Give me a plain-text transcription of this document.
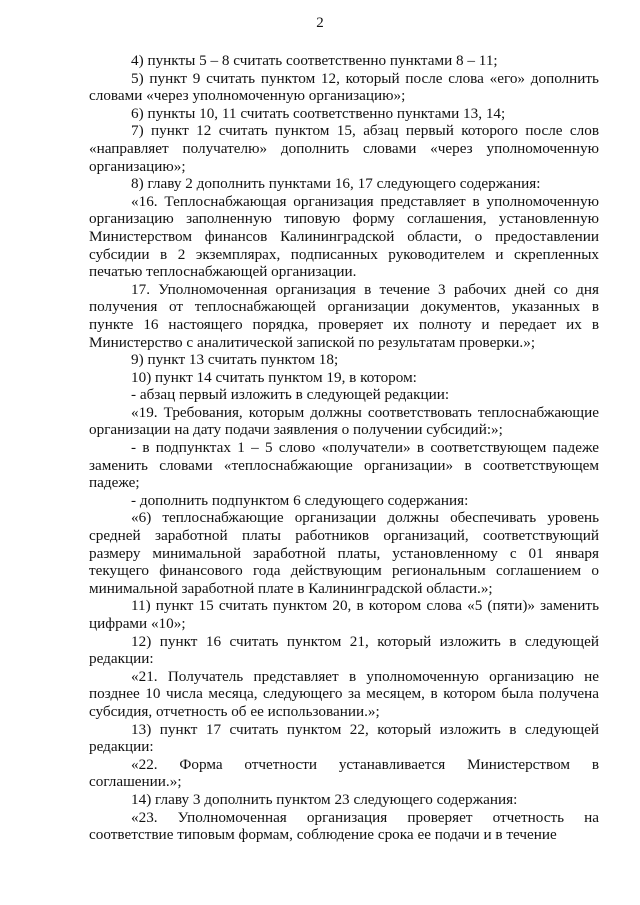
2

4) пункты 5 – 8 считать соответственно пунктами 8 – 11;

5) пункт 9 считать пунктом 12, который после слова «его» дополнить словами «через уполномоченную организацию»;

6) пункты 10, 11 считать соответственно пунктами 13, 14;

7) пункт 12 считать пунктом 15, абзац первый которого после слов «направляет получателю» дополнить словами «через уполномоченную организацию»;

8) главу 2 дополнить пунктами 16, 17 следующего содержания:

«16. Теплоснабжающая организация представляет в уполномоченную организацию заполненную типовую форму соглашения, установленную Министерством финансов Калининградской области, о предоставлении субсидии в 2 экземплярах, подписанных руководителем и скрепленных печатью теплоснабжающей организации.

17. Уполномоченная организация в течение 3 рабочих дней со дня получения от теплоснабжающей организации документов, указанных в пункте 16 настоящего порядка, проверяет их полноту и передает их в Министерство с аналитической запиской по результатам проверки.»;

9) пункт 13 считать пунктом 18;

10) пункт 14 считать пунктом 19, в котором:

- абзац первый изложить в следующей редакции:

«19. Требования, которым должны соответствовать теплоснабжающие организации на дату подачи заявления о получении субсидий:»;

- в подпунктах 1 – 5 слово «получатели» в соответствующем падеже заменить словами «теплоснабжающие организации» в соответствующем падеже;

- дополнить подпунктом 6 следующего содержания:

«6) теплоснабжающие организации должны обеспечивать уровень средней заработной платы работников организаций, соответствующий размеру минимальной заработной платы, установленному с 01 января текущего финансового года действующим региональным соглашением о минимальной заработной плате в Калининградской области.»;

11) пункт 15 считать пунктом 20, в котором слова «5 (пяти)» заменить цифрами «10»;

12) пункт 16 считать пунктом 21, который изложить в следующей редакции:

«21. Получатель представляет в уполномоченную организацию не позднее 10 числа месяца, следующего за месяцем, в котором была получена субсидия, отчетность об ее использовании.»;

13) пункт 17 считать пунктом 22, который изложить в следующей редакции:

«22. Форма отчетности устанавливается Министерством в соглашении.»;

14) главу 3 дополнить пунктом 23 следующего содержания:

«23. Уполномоченная организация проверяет отчетность на соответствие типовым формам, соблюдение срока ее подачи и в течение
